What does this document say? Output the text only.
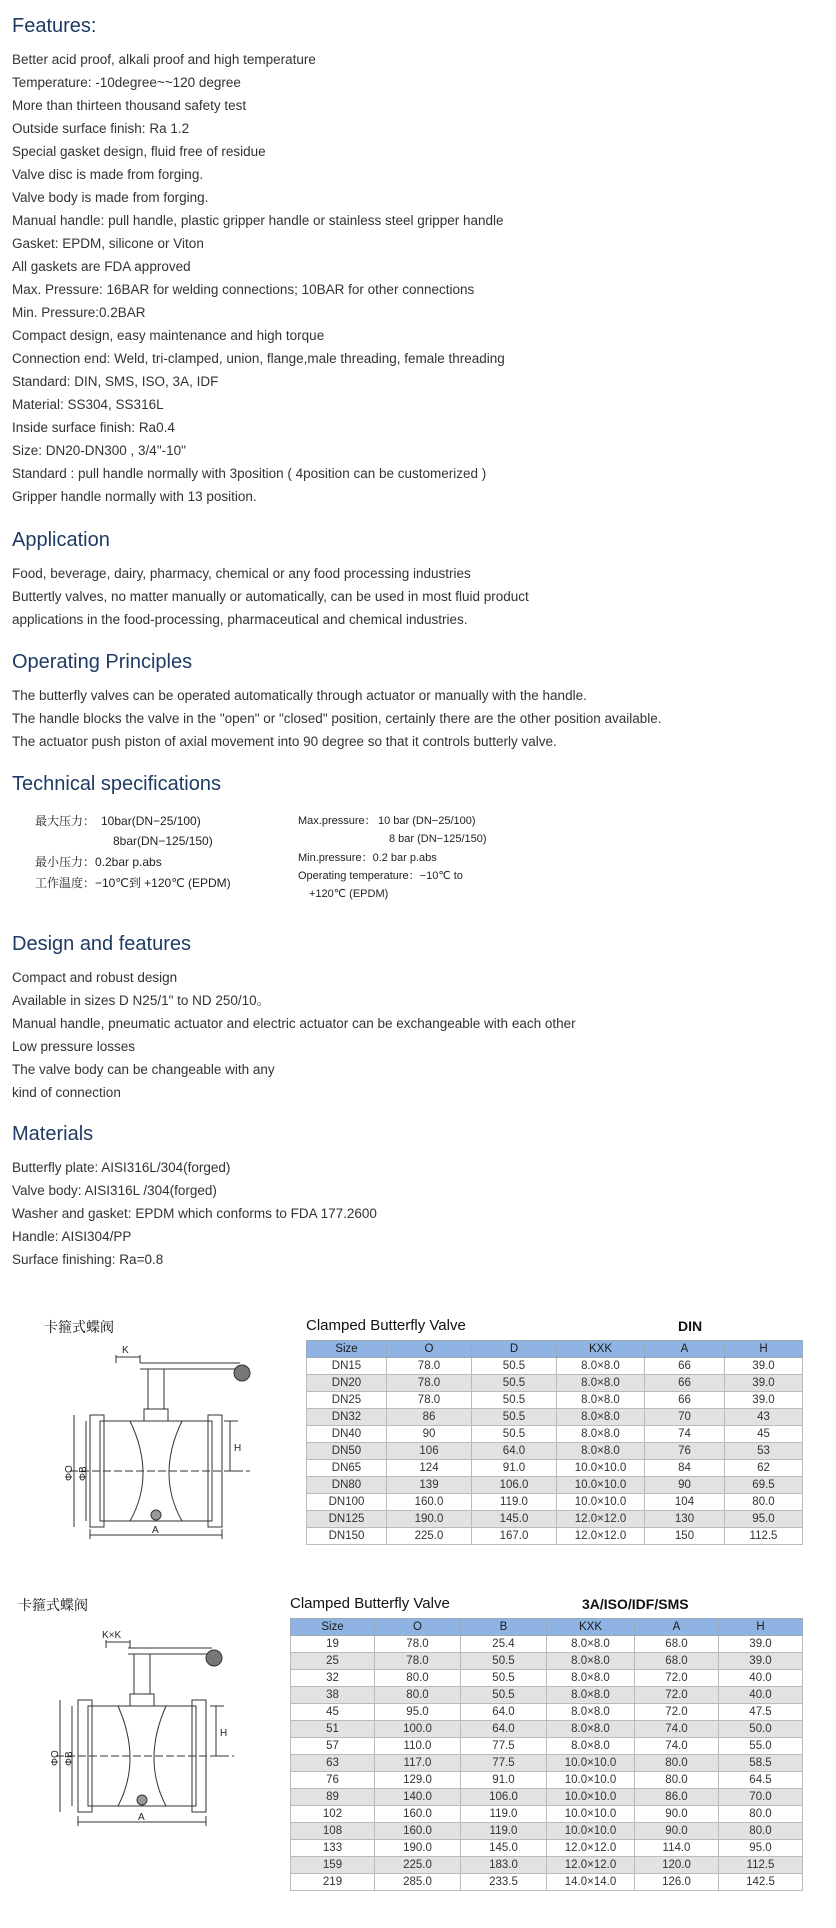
Features:
Better acid proof, alkali proof and high temperature
Temperature: -10degree~~120 degree
More than thirteen thousand safety test
Outside surface finish: Ra 1.2
Special gasket design, fluid free of residue
Valve disc is made from forging.
Valve body is made from forging.
Manual handle: pull handle, plastic gripper handle or stainless steel gripper handle
Gasket: EPDM, silicone or Viton
All gaskets are FDA approved
Max. Pressure: 16BAR for welding connections; 10BAR for other connections
Min. Pressure:0.2BAR
Compact design, easy maintenance and high torque
Connection end: Weld, tri-clamped, union, flange,male threading, female threading
Standard: DIN, SMS, ISO, 3A, IDF
Material: SS304, SS316L
Inside surface finish: Ra0.4
Size: DN20-DN300 , 3/4"-10"
Standard : pull handle normally with 3position ( 4position can be customerized )
Gripper handle normally with 13 position.
Application
Food, beverage, dairy, pharmacy, chemical or any food processing industries
Buttertly valves, no matter manually or automatically, can be used in most fluid product
applications in the food-processing, pharmaceutical and chemical industries.
Operating Principles
The butterfly valves can be operated automatically through actuator or manually with the handle.
The handle blocks the valve in the "open" or "closed" position, certainly there are the other position available.
The actuator push piston of axial movement into 90 degree so that it controls butterly valve.
Technical specifications
最大压力： 10bar(DN−25/100)
8bar(DN−125/150)
最小压力：0.2bar p.abs
工作温度：−10℃到 +120℃ (EPDM)
Max.pressure： 10 bar (DN−25/100)
8 bar (DN−125/150)
Min.pressure：0.2 bar p.abs
Operating temperature：−10℃ to
+120℃ (EPDM)
Design and features
Compact and robust design
Available in sizes D N25/1" to ND 250/10。
Manual handle, pneumatic actuator and electric actuator can be exchangeable with each other
Low pressure losses
The valve body can be changeable with any
kind of connection
Materials
Butterfly plate: AISI316L/304(forged)
Valve body: AISI316L /304(forged)
Washer and gasket: EPDM which conforms to FDA 177.2600
Handle: AISI304/PP
Surface finishing: Ra=0.8
卡箍式蝶阀
K
H
ΦO ΦB
A
Clamped Butterfly Valve	DIN
Size	O	D	KXK	A	H
DN15	78.0	50.5	8.0×8.0	66	39.0
DN20	78.0	50.5	8.0×8.0	66	39.0
DN25	78.0	50.5	8.0×8.0	66	39.0
DN32	86	50.5	8.0×8.0	70	43
DN40	90	50.5	8.0×8.0	74	45
DN50	106	64.0	8.0×8.0	76	53
DN65	124	91.0	10.0×10.0	84	62
DN80	139	106.0	10.0×10.0	90	69.5
DN100	160.0	119.0	10.0×10.0	104	80.0
DN125	190.0	145.0	12.0×12.0	130	95.0
DN150	225.0	167.0	12.0×12.0	150	112.5
卡箍式蝶阀
K×K
H
ΦO ΦB
A
Clamped Butterfly Valve	3A/ISO/IDF/SMS
Size	O	B	KXK	A	H
19	78.0	25.4	8.0×8.0	68.0	39.0
25	78.0	50.5	8.0×8.0	68.0	39.0
32	80.0	50.5	8.0×8.0	72.0	40.0
38	80.0	50.5	8.0×8.0	72.0	40.0
45	95.0	64.0	8.0×8.0	72.0	47.5
51	100.0	64.0	8.0×8.0	74.0	50.0
57	110.0	77.5	8.0×8.0	74.0	55.0
63	117.0	77.5	10.0×10.0	80.0	58.5
76	129.0	91.0	10.0×10.0	80.0	64.5
89	140.0	106.0	10.0×10.0	86.0	70.0
102	160.0	119.0	10.0×10.0	90.0	80.0
108	160.0	119.0	10.0×10.0	90.0	80.0
133	190.0	145.0	12.0×12.0	114.0	95.0
159	225.0	183.0	12.0×12.0	120.0	112.5
219	285.0	233.5	14.0×14.0	126.0	142.5
